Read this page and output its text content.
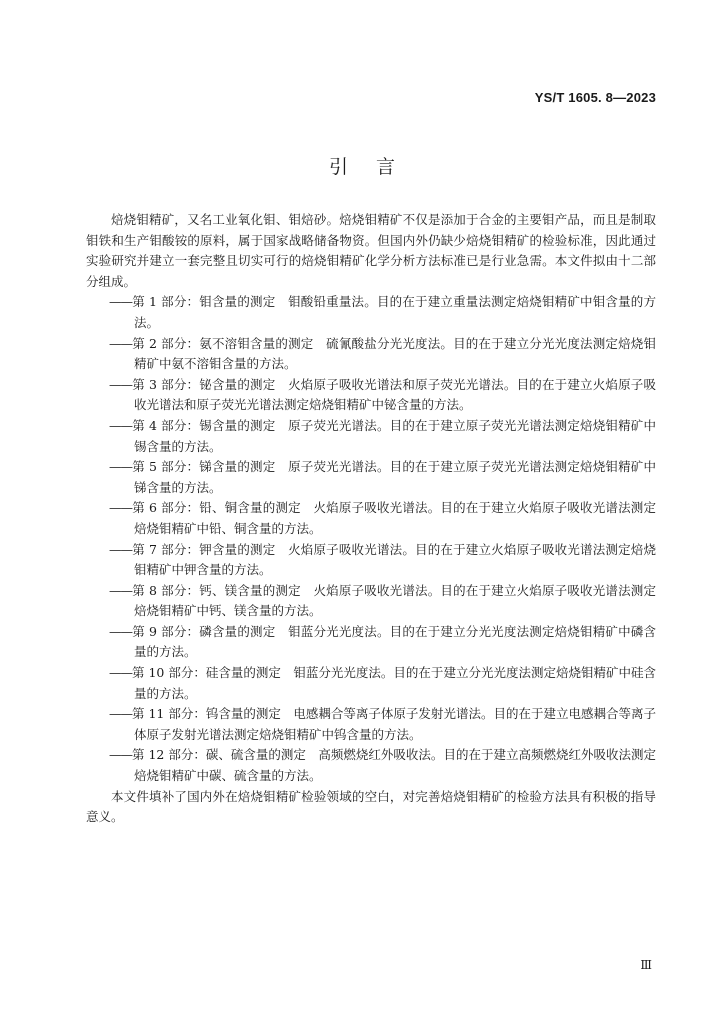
YS/T 1605. 8—2023
引言

焙烧钼精矿，又名工业氧化钼、钼焙砂。焙烧钼精矿不仅是添加于合金的主要钼产品，而且是制取钼铁和生产钼酸铵的原料，属于国家战略储备物资。但国内外仍缺少焙烧钼精矿的检验标准，因此通过实验研究并建立一套完整且切实可行的焙烧钼精矿化学分析方法标准已是行业急需。本文件拟由十二部分组成。

——第 1 部分：钼含量的测定　钼酸铅重量法。目的在于建立重量法测定焙烧钼精矿中钼含量的方法。
——第 2 部分：氨不溶钼含量的测定　硫氰酸盐分光光度法。目的在于建立分光光度法测定焙烧钼精矿中氨不溶钼含量的方法。
——第 3 部分：铋含量的测定　火焰原子吸收光谱法和原子荧光光谱法。目的在于建立火焰原子吸收光谱法和原子荧光光谱法测定焙烧钼精矿中铋含量的方法。
——第 4 部分：锡含量的测定　原子荧光光谱法。目的在于建立原子荧光光谱法测定焙烧钼精矿中锡含量的方法。
——第 5 部分：锑含量的测定　原子荧光光谱法。目的在于建立原子荧光光谱法测定焙烧钼精矿中锑含量的方法。
——第 6 部分：铅、铜含量的测定　火焰原子吸收光谱法。目的在于建立火焰原子吸收光谱法测定焙烧钼精矿中铅、铜含量的方法。
——第 7 部分：钾含量的测定　火焰原子吸收光谱法。目的在于建立火焰原子吸收光谱法测定焙烧钼精矿中钾含量的方法。
——第 8 部分：钙、镁含量的测定　火焰原子吸收光谱法。目的在于建立火焰原子吸收光谱法测定焙烧钼精矿中钙、镁含量的方法。
——第 9 部分：磷含量的测定　钼蓝分光光度法。目的在于建立分光光度法测定焙烧钼精矿中磷含量的方法。
——第 10 部分：硅含量的测定　钼蓝分光光度法。目的在于建立分光光度法测定焙烧钼精矿中硅含量的方法。
——第 11 部分：钨含量的测定　电感耦合等离子体原子发射光谱法。目的在于建立电感耦合等离子体原子发射光谱法测定焙烧钼精矿中钨含量的方法。
——第 12 部分：碳、硫含量的测定　高频燃烧红外吸收法。目的在于建立高频燃烧红外吸收法测定焙烧钼精矿中碳、硫含量的方法。

本文件填补了国内外在焙烧钼精矿检验领域的空白，对完善焙烧钼精矿的检验方法具有积极的指导意义。

Ⅲ
